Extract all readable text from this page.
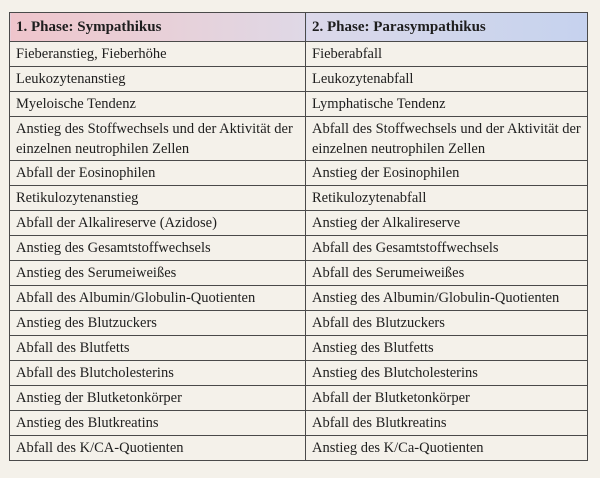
1. Phase: Sympathikus	2. Phase: Parasympathikus
Fieberanstieg, Fieberhöhe	Fieberabfall
Leukozytenanstieg	Leukozytenabfall
Myeloische Tendenz	Lymphatische Tendenz
Anstieg des Stoffwechsels und der Aktivität der einzelnen neutrophilen Zellen	Abfall des Stoffwechsels und der Aktivität der einzelnen neutrophilen Zellen
Abfall der Eosinophilen	Anstieg der Eosinophilen
Retikulozytenanstieg	Retikulozytenabfall
Abfall der Alkalireserve (Azidose)	Anstieg der Alkalireserve
Anstieg des Gesamtstoffwechsels	Abfall des Gesamtstoffwechsels
Anstieg des Serumeiweißes	Abfall des Serumeiweißes
Abfall des Albumin/Globulin-Quotienten	Anstieg des Albumin/Globulin-Quotienten
Anstieg des Blutzuckers	Abfall des Blutzuckers
Abfall des Blutfetts	Anstieg des Blutfetts
Abfall des Blutcholesterins	Anstieg des Blutcholesterins
Anstieg der Blutketonkörper	Abfall der Blutketonkörper
Anstieg des Blutkreatins	Abfall des Blutkreatins
Abfall des K/CA-Quotienten	Anstieg des K/Ca-Quotienten
